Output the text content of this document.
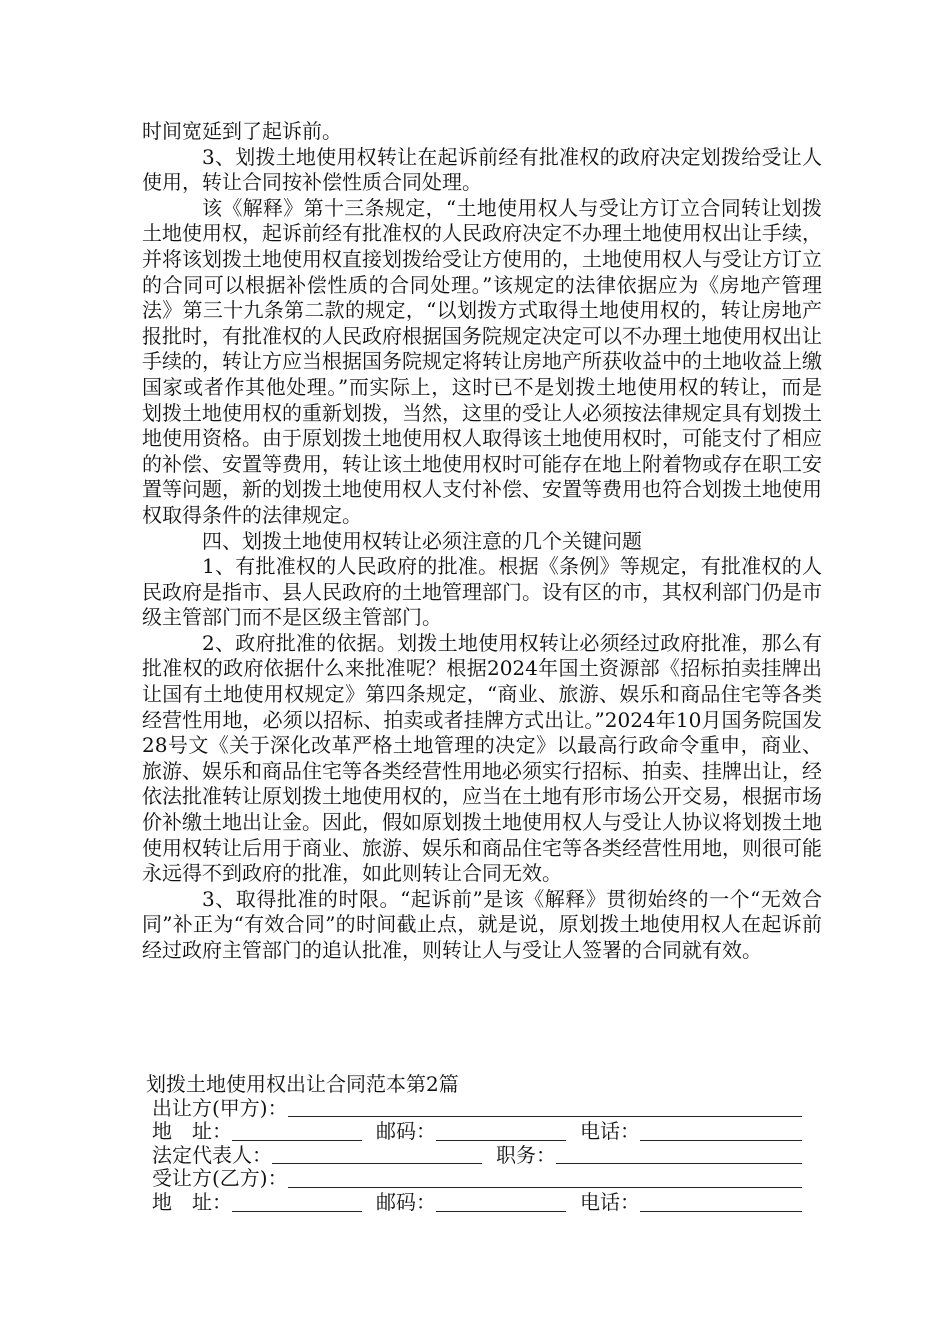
时间宽延到了起诉前。

3、划拨土地使用权转让在起诉前经有批准权的政府决定划拨给受让人使用，转让合同按补偿性质合同处理。

该《解释》第十三条规定，“土地使用权人与受让方订立合同转让划拨土地使用权，起诉前经有批准权的人民政府决定不办理土地使用权出让手续，并将该划拨土地使用权直接划拨给受让方使用的，土地使用权人与受让方订立的合同可以根据补偿性质的合同处理。”该规定的法律依据应为《房地产管理法》第三十九条第二款的规定，“以划拨方式取得土地使用权的，转让房地产报批时，有批准权的人民政府根据国务院规定决定可以不办理土地使用权出让手续的，转让方应当根据国务院规定将转让房地产所获收益中的土地收益上缴国家或者作其他处理。”而实际上，这时已不是划拨土地使用权的转让，而是划拨土地使用权的重新划拨，当然，这里的受让人必须按法律规定具有划拨土地使用资格。由于原划拨土地使用权人取得该土地使用权时，可能支付了相应的补偿、安置等费用，转让该土地使用权时可能存在地上附着物或存在职工安置等问题，新的划拨土地使用权人支付补偿、安置等费用也符合划拨土地使用权取得条件的法律规定。

四、划拨土地使用权转让必须注意的几个关键问题

1、有批准权的人民政府的批准。根据《条例》等规定，有批准权的人民政府是指市、县人民政府的土地管理部门。设有区的市，其权利部门仍是市级主管部门而不是区级主管部门。

2、政府批准的依据。划拨土地使用权转让必须经过政府批准，那么有批准权的政府依据什么来批准呢？根据2024年国土资源部《招标拍卖挂牌出让国有土地使用权规定》第四条规定，“商业、旅游、娱乐和商品住宅等各类经营性用地，必须以招标、拍卖或者挂牌方式出让。”2024年10月国务院国发28号文《关于深化改革严格土地管理的决定》以最高行政命令重申，商业、旅游、娱乐和商品住宅等各类经营性用地必须实行招标、拍卖、挂牌出让，经依法批准转让原划拨土地使用权的，应当在土地有形市场公开交易，根据市场价补缴土地出让金。因此，假如原划拨土地使用权人与受让人协议将划拨土地使用权转让后用于商业、旅游、娱乐和商品住宅等各类经营性用地，则很可能永远得不到政府的批准，如此则转让合同无效。

3、取得批准的时限。“起诉前”是该《解释》贯彻始终的一个“无效合同”补正为“有效合同”的时间截止点，就是说，原划拨土地使用权人在起诉前经过政府主管部门的追认批准，则转让人与受让人签署的合同就有效。

划拨土地使用权出让合同范本第2篇
出让方(甲方)：
地　址：	邮码：	电话：
法定代表人：	职务：
受让方(乙方)：
地　址：	邮码：	电话：
